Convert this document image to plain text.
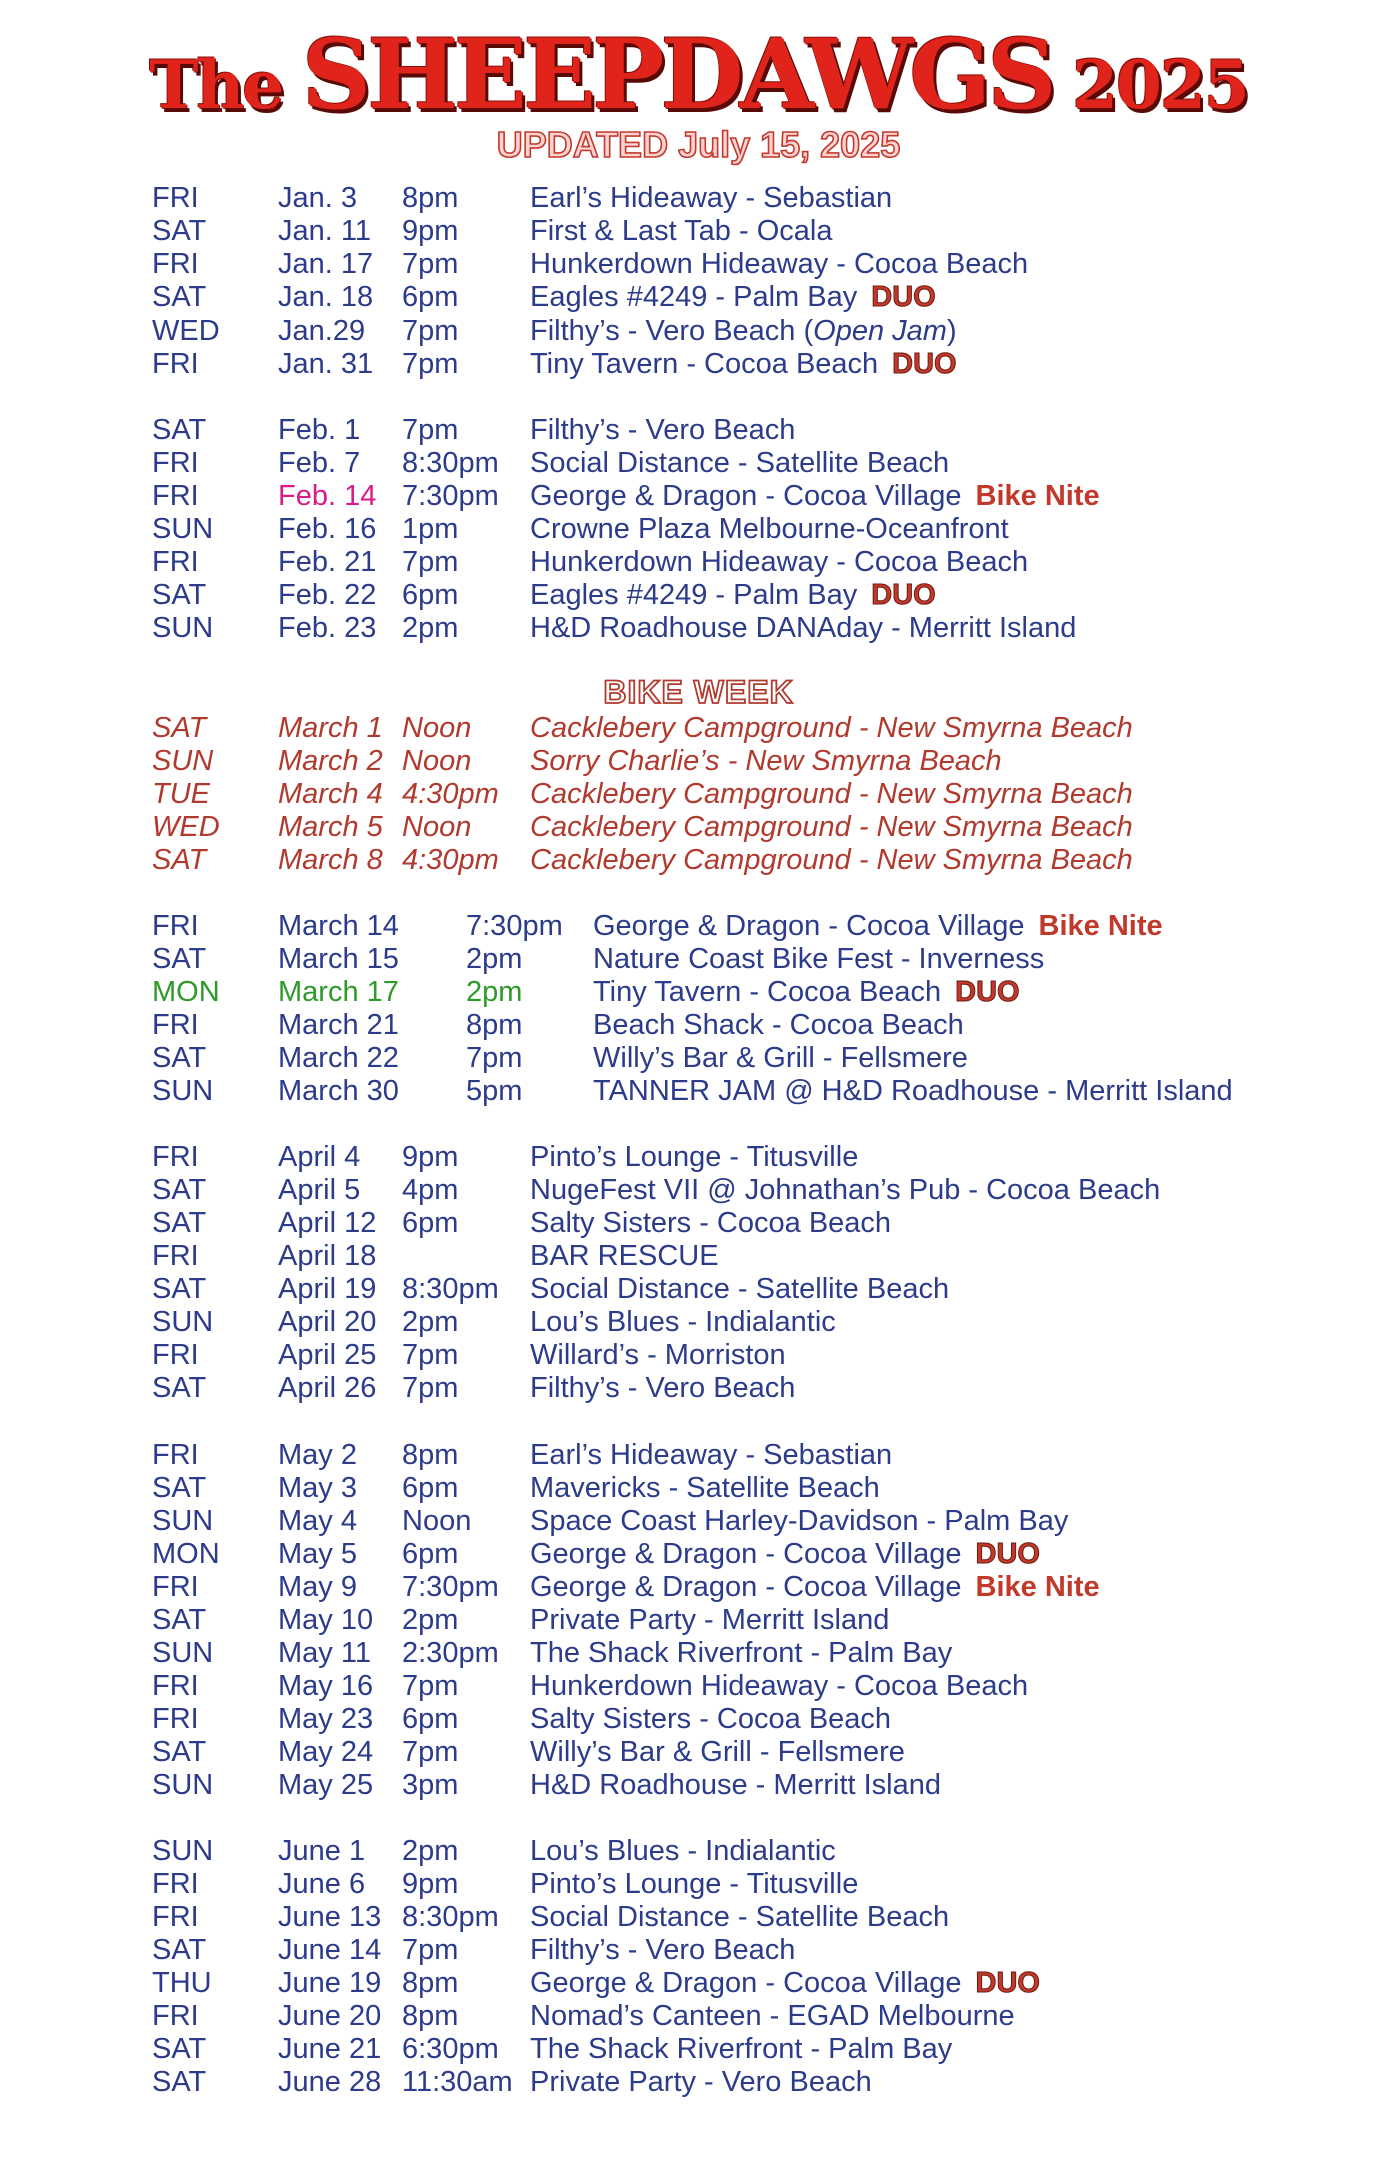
The SHEEPDAWGS 2025
UPDATED July 15, 2025
BIKE WEEK
FRI	Jan. 3 8pm Earl’s Hideaway - Sebastian
SAT Jan. 11 9pm First & Last Tab - Ocala
FRI	Jan. 17 7pm Hunkerdown Hideaway - Cocoa Beach
SAT Jan. 18 6pm Eagles #4249 - Palm Bay DUO
WED Jan.29 7pm Filthy’s - Vero Beach (Open Jam)
FRI	Jan. 31 7pm Tiny Tavern - Cocoa Beach DUO
SAT Feb. 1 7pm Filthy’s - Vero Beach
FRI	Feb. 7 8:30pm Social Distance - Satellite Beach
FRI	Feb. 14 7:30pm George & Dragon - Cocoa Village Bike Nite
SUN Feb. 16 1pm Crowne Plaza Melbourne-Oceanfront
FRI	Feb. 21 7pm Hunkerdown Hideaway - Cocoa Beach
SAT Feb. 22 6pm Eagles #4249 - Palm Bay DUO
SUN Feb. 23 2pm H&D Roadhouse DANAday - Merritt Island
SAT March 1 Noon Cacklebery Campground - New Smyrna Beach
SUN March 2 Noon Sorry Charlie’s - New Smyrna Beach
TUE March 4 4:30pm Cacklebery Campground - New Smyrna Beach
WED March 5 Noon Cacklebery Campground - New Smyrna Beach
SAT March 8 4:30pm Cacklebery Campground - New Smyrna Beach
FRI	March 14 7:30pm George & Dragon - Cocoa Village Bike Nite
SAT March 15 2pm Nature Coast Bike Fest - Inverness
MON March 17 2pm Tiny Tavern - Cocoa Beach DUO
FRI	March 21 8pm Beach Shack - Cocoa Beach
SAT March 22 7pm Willy’s Bar & Grill - Fellsmere
SUN March 30 5pm TANNER JAM @ H&D Roadhouse - Merritt Island
FRI	April 4 9pm Pinto’s Lounge - Titusville
SAT April 5 4pm NugeFest VII @ Johnathan’s Pub - Cocoa Beach
SAT April 12 6pm Salty Sisters - Cocoa Beach
FRI	April 18	BAR RESCUE
SAT April 19 8:30pm Social Distance - Satellite Beach
SUN April 20 2pm Lou’s Blues - Indialantic
FRI	April 25 7pm Willard’s - Morriston
SAT April 26 7pm Filthy’s - Vero Beach
FRI	May 2 8pm Earl’s Hideaway - Sebastian
SAT May 3 6pm Mavericks - Satellite Beach
SUN May 4 Noon Space Coast Harley-Davidson - Palm Bay
MON May 5 6pm George & Dragon - Cocoa Village DUO
FRI	May 9 7:30pm George & Dragon - Cocoa Village Bike Nite
SAT May 10 2pm Private Party - Merritt Island
SUN May 11 2:30pm The Shack Riverfront - Palm Bay
FRI	May 16 7pm Hunkerdown Hideaway - Cocoa Beach
FRI	May 23 6pm Salty Sisters - Cocoa Beach
SAT May 24 7pm Willy’s Bar & Grill - Fellsmere
SUN May 25 3pm H&D Roadhouse - Merritt Island
SUN June 1 2pm Lou’s Blues - Indialantic
FRI	June 6 9pm Pinto’s Lounge - Titusville
FRI	June 13 8:30pm Social Distance - Satellite Beach
SAT June 14 7pm Filthy’s - Vero Beach
THU June 19 8pm George & Dragon - Cocoa Village DUO
FRI	June 20 8pm Nomad’s Canteen - EGAD Melbourne
SAT June 21 6:30pm The Shack Riverfront - Palm Bay
SAT June 28 11:30am Private Party - Vero Beach
